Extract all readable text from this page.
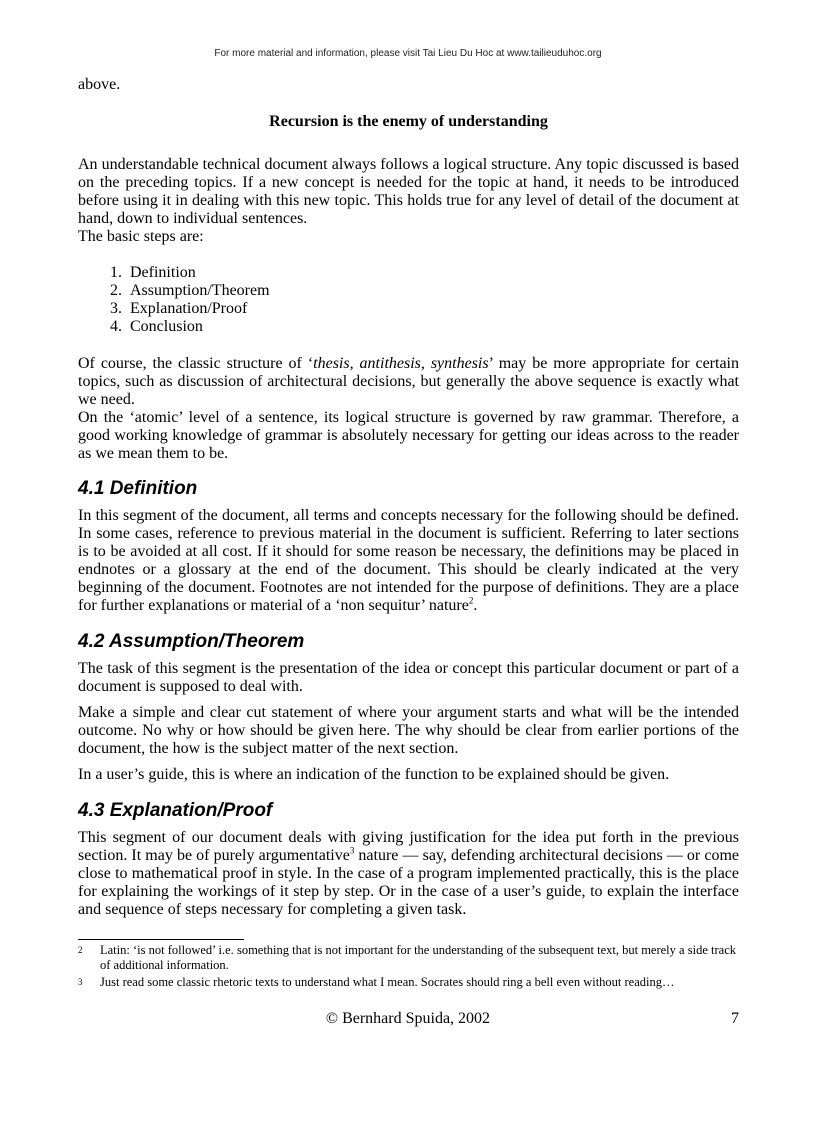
For more material and information, please visit Tai Lieu Du Hoc at www.tailieuduhoc.org
above.
Recursion is the enemy of understanding
An understandable technical document always follows a logical structure. Any topic discussed is based on the preceding topics. If a new concept is needed for the topic at hand, it needs to be introduced before using it in dealing with this new topic. This holds true for any level of detail of the document at hand, down to individual sentences.
The basic steps are:
1. Definition
2. Assumption/Theorem
3. Explanation/Proof
4. Conclusion
Of course, the classic structure of ‘thesis, antithesis, synthesis’ may be more appropriate for certain topics, such as discussion of architectural decisions, but generally the above sequence is exactly what we need.
On the ‘atomic’ level of a sentence, its logical structure is governed by raw grammar. Therefore, a good working knowledge of grammar is absolutely necessary for getting our ideas across to the reader as we mean them to be.
4.1 Definition
In this segment of the document, all terms and concepts necessary for the following should be defined. In some cases, reference to previous material in the document is sufficient. Referring to later sections is to be avoided at all cost. If it should for some reason be necessary, the definitions may be placed in endnotes or a glossary at the end of the document. This should be clearly indicated at the very beginning of the document. Footnotes are not intended for the purpose of definitions. They are a place for further explanations or material of a ‘non sequitur’ nature$^2$.
4.2 Assumption/Theorem
The task of this segment is the presentation of the idea or concept this particular document or part of a document is supposed to deal with.
Make a simple and clear cut statement of where your argument starts and what will be the intended outcome. No why or how should be given here. The why should be clear from earlier portions of the document, the how is the subject matter of the next section.
In a user’s guide, this is where an indication of the function to be explained should be given.
4.3 Explanation/Proof
This segment of our document deals with giving justification for the idea put forth in the previous section. It may be of purely argumentative$^3$ nature — say, defending architectural decisions — or come close to mathematical proof in style. In the case of a program implemented practically, this is the place for explaining the workings of it step by step. Or in the case of a user’s guide, to explain the interface and sequence of steps necessary for completing a given task.
2 Latin: ‘is not followed’ i.e. something that is not important for the understanding of the subsequent text, but merely a side track of additional information.
3 Just read some classic rhetoric texts to understand what I mean. Socrates should ring a bell even without reading…
© Bernhard Spuida, 2002	7
